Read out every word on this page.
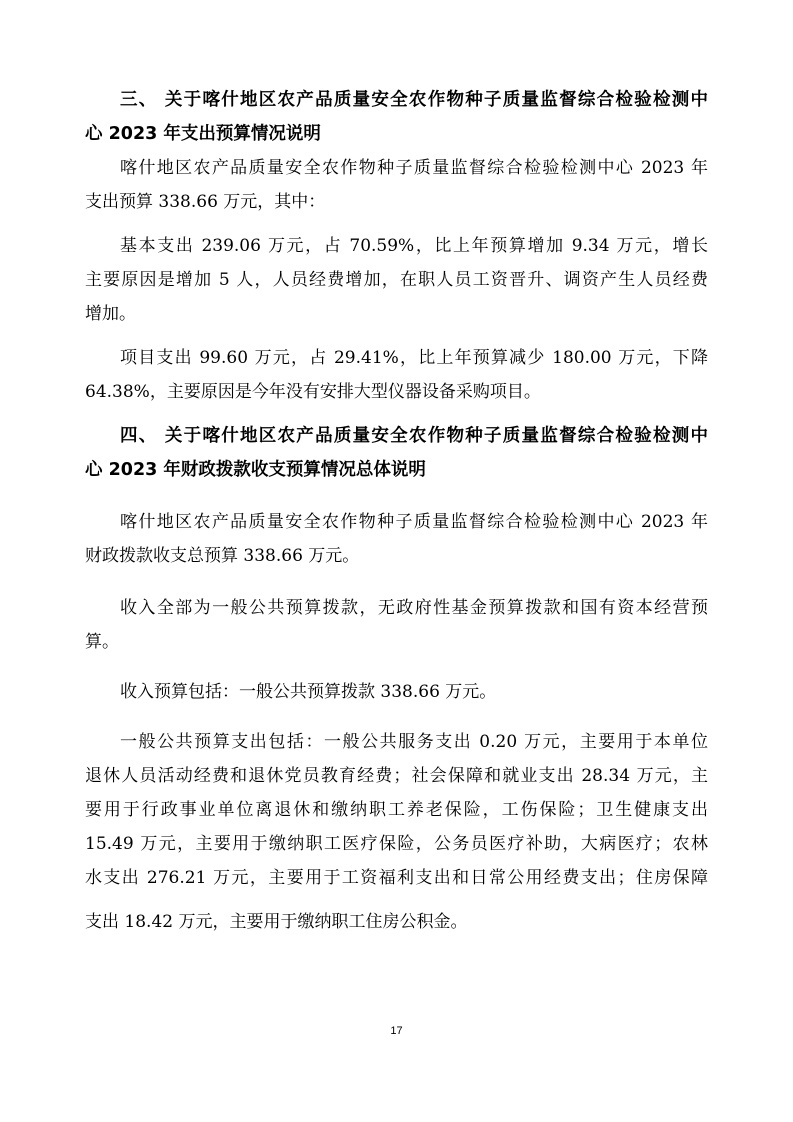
三、 关于喀什地区农产品质量安全农作物种子质量监督综合检验检测中
心 2023 年支出预算情况说明
喀什地区农产品质量安全农作物种子质量监督综合检验检测中心 2023 年
支出预算 338.66 万元，其中：
基本支出 239.06 万元，占 70.59%，比上年预算增加 9.34 万元，增长
主要原因是增加 5 人，人员经费增加，在职人员工资晋升、调资产生人员经费
增加。
项目支出 99.60 万元，占 29.41%，比上年预算减少 180.00 万元，下降
64.38%，主要原因是今年没有安排大型仪器设备采购项目。
四、 关于喀什地区农产品质量安全农作物种子质量监督综合检验检测中
心 2023 年财政拨款收支预算情况总体说明
喀什地区农产品质量安全农作物种子质量监督综合检验检测中心 2023 年
财政拨款收支总预算 338.66 万元。
收入全部为一般公共预算拨款，无政府性基金预算拨款和国有资本经营预
算。
收入预算包括：一般公共预算拨款 338.66 万元。
一般公共预算支出包括：一般公共服务支出 0.20 万元，主要用于本单位
退休人员活动经费和退休党员教育经费；社会保障和就业支出 28.34 万元，主
要用于行政事业单位离退休和缴纳职工养老保险，工伤保险；卫生健康支出
15.49 万元，主要用于缴纳职工医疗保险，公务员医疗补助，大病医疗；农林
水支出 276.21 万元，主要用于工资福利支出和日常公用经费支出；住房保障
支出 18.42 万元，主要用于缴纳职工住房公积金。
17
